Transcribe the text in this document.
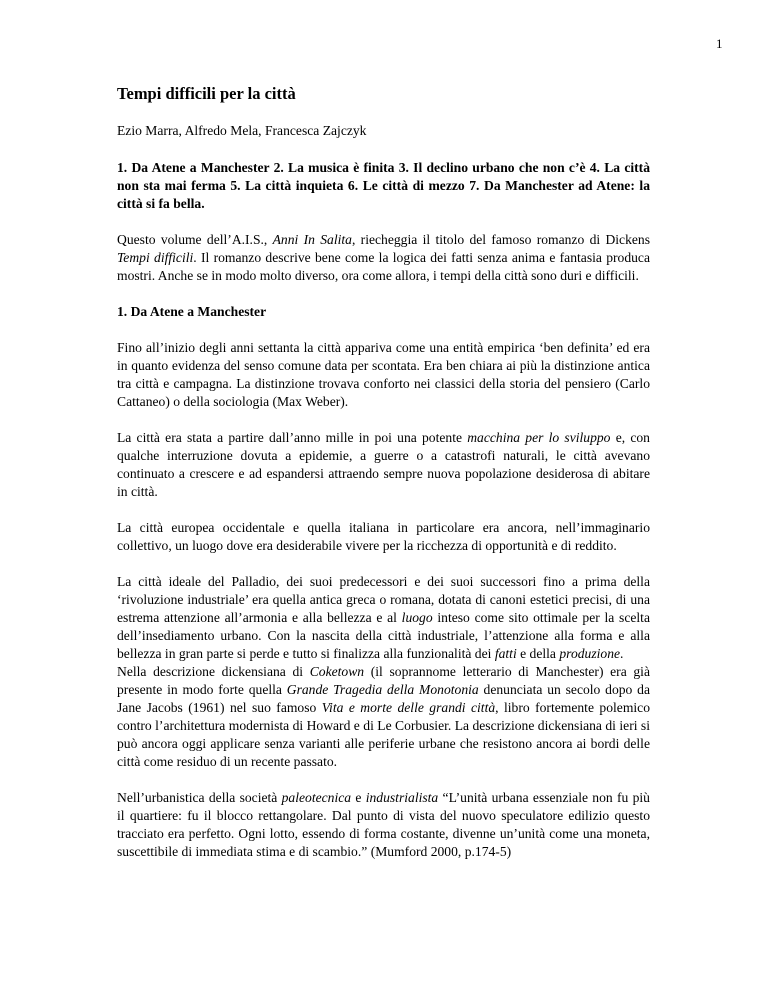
1
Tempi difficili per la città
Ezio Marra, Alfredo Mela, Francesca Zajczyk
1. Da Atene a Manchester 2. La musica è finita 3. Il declino urbano che non c’è 4. La città non sta mai ferma 5. La città inquieta 6. Le città di mezzo 7. Da Manchester ad Atene: la città si fa bella.
Questo volume dell’A.I.S., Anni In Salita, riecheggia il titolo del famoso romanzo di Dickens Tempi difficili. Il romanzo descrive bene come la logica dei fatti senza anima e fantasia produca mostri. Anche se in modo molto diverso, ora come allora, i tempi della città sono duri e difficili.
1. Da Atene a Manchester
Fino all’inizio degli anni settanta la città appariva come una entità empirica ‘ben definita’ ed era in quanto evidenza del senso comune data per scontata. Era ben chiara ai più la distinzione antica tra città e campagna. La distinzione trovava conforto nei classici della storia del pensiero (Carlo Cattaneo) o della sociologia (Max Weber).
La città era stata a partire dall’anno mille in poi una potente macchina per lo sviluppo e, con qualche interruzione dovuta a epidemie, a guerre o a catastrofi naturali, le città avevano continuato a crescere e ad espandersi attraendo sempre nuova popolazione desiderosa di abitare in città.
La città europea occidentale e quella italiana in particolare era ancora, nell’immaginario collettivo, un luogo dove era desiderabile vivere per la ricchezza di opportunità e di reddito.
La città ideale del Palladio, dei suoi predecessori e dei suoi successori fino a prima della ‘rivoluzione industriale’ era quella antica greca o romana, dotata di canoni estetici precisi, di una estrema attenzione all’armonia e alla bellezza e al luogo inteso come sito ottimale per la scelta dell’insediamento urbano. Con la nascita della città industriale, l’attenzione alla forma e alla bellezza in gran parte si perde e tutto si finalizza alla funzionalità dei fatti e della produzione.
Nella descrizione dickensiana di Coketown (il soprannome letterario di Manchester) era già presente in modo forte quella Grande Tragedia della Monotonia denunciata un secolo dopo da Jane Jacobs (1961) nel suo famoso Vita e morte delle grandi città, libro fortemente polemico contro l’architettura modernista di Howard e di Le Corbusier. La descrizione dickensiana di ieri si può ancora oggi applicare senza varianti alle periferie urbane che resistono ancora ai bordi delle città come residuo di un recente passato.
Nell’urbanistica della società paleotecnica e industrialista “L’unità urbana essenziale non fu più il quartiere: fu il blocco rettangolare. Dal punto di vista del nuovo speculatore edilizio questo tracciato era perfetto. Ogni lotto, essendo di forma costante, divenne un’unità come una moneta, suscettibile di immediata stima e di scambio.” (Mumford 2000, p.174-5)
